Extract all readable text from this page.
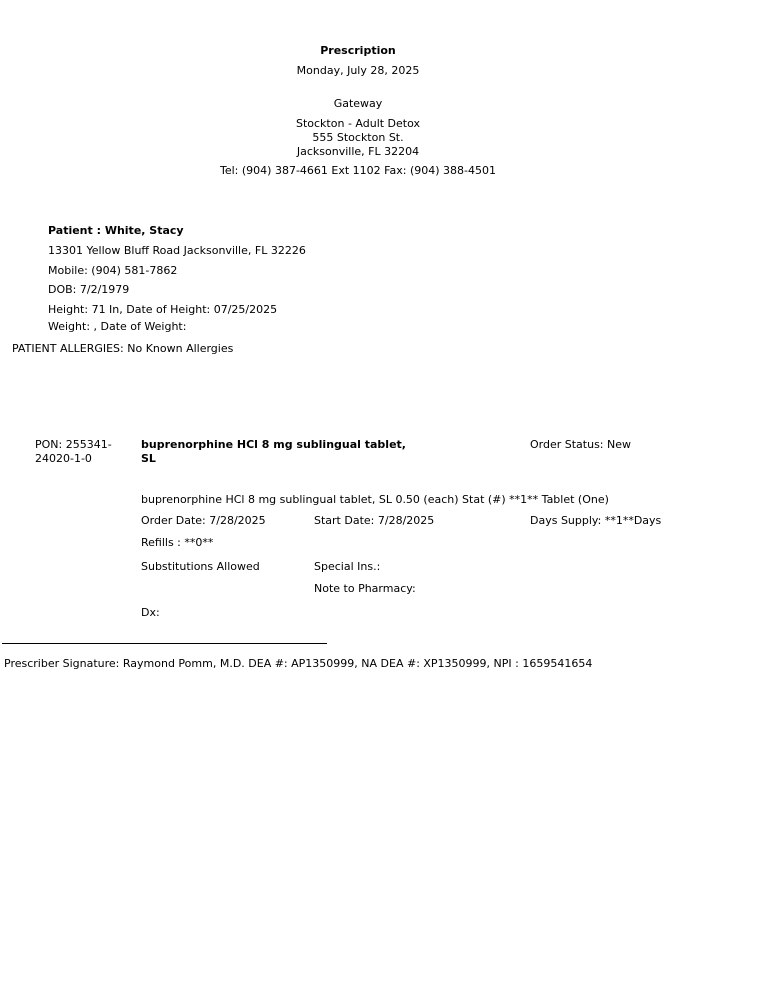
Prescription
Monday, July 28, 2025
Gateway
Stockton - Adult Detox
555 Stockton St.
Jacksonville, FL 32204
Tel: (904) 387-4661 Ext 1102 Fax: (904) 388-4501
Patient : White, Stacy
13301 Yellow Bluff Road Jacksonville, FL 32226
Mobile: (904) 581-7862
DOB: 7/2/1979
Height: 71 In, Date of Height: 07/25/2025
Weight: , Date of Weight:
PATIENT ALLERGIES: No Known Allergies
PON: 255341-
24020-1-0
buprenorphine HCl 8 mg sublingual tablet,
SL
Order Status: New
buprenorphine HCl 8 mg sublingual tablet, SL 0.50 (each) Stat (#) **1** Tablet (One)
Order Date: 7/28/2025	Start Date: 7/28/2025	Days Supply: **1**Days
Refills : **0**
Substitutions Allowed	Special Ins.:
Note to Pharmacy:
Dx:
Prescriber Signature: Raymond Pomm, M.D. DEA #: AP1350999, NA DEA #: XP1350999, NPI : 1659541654
